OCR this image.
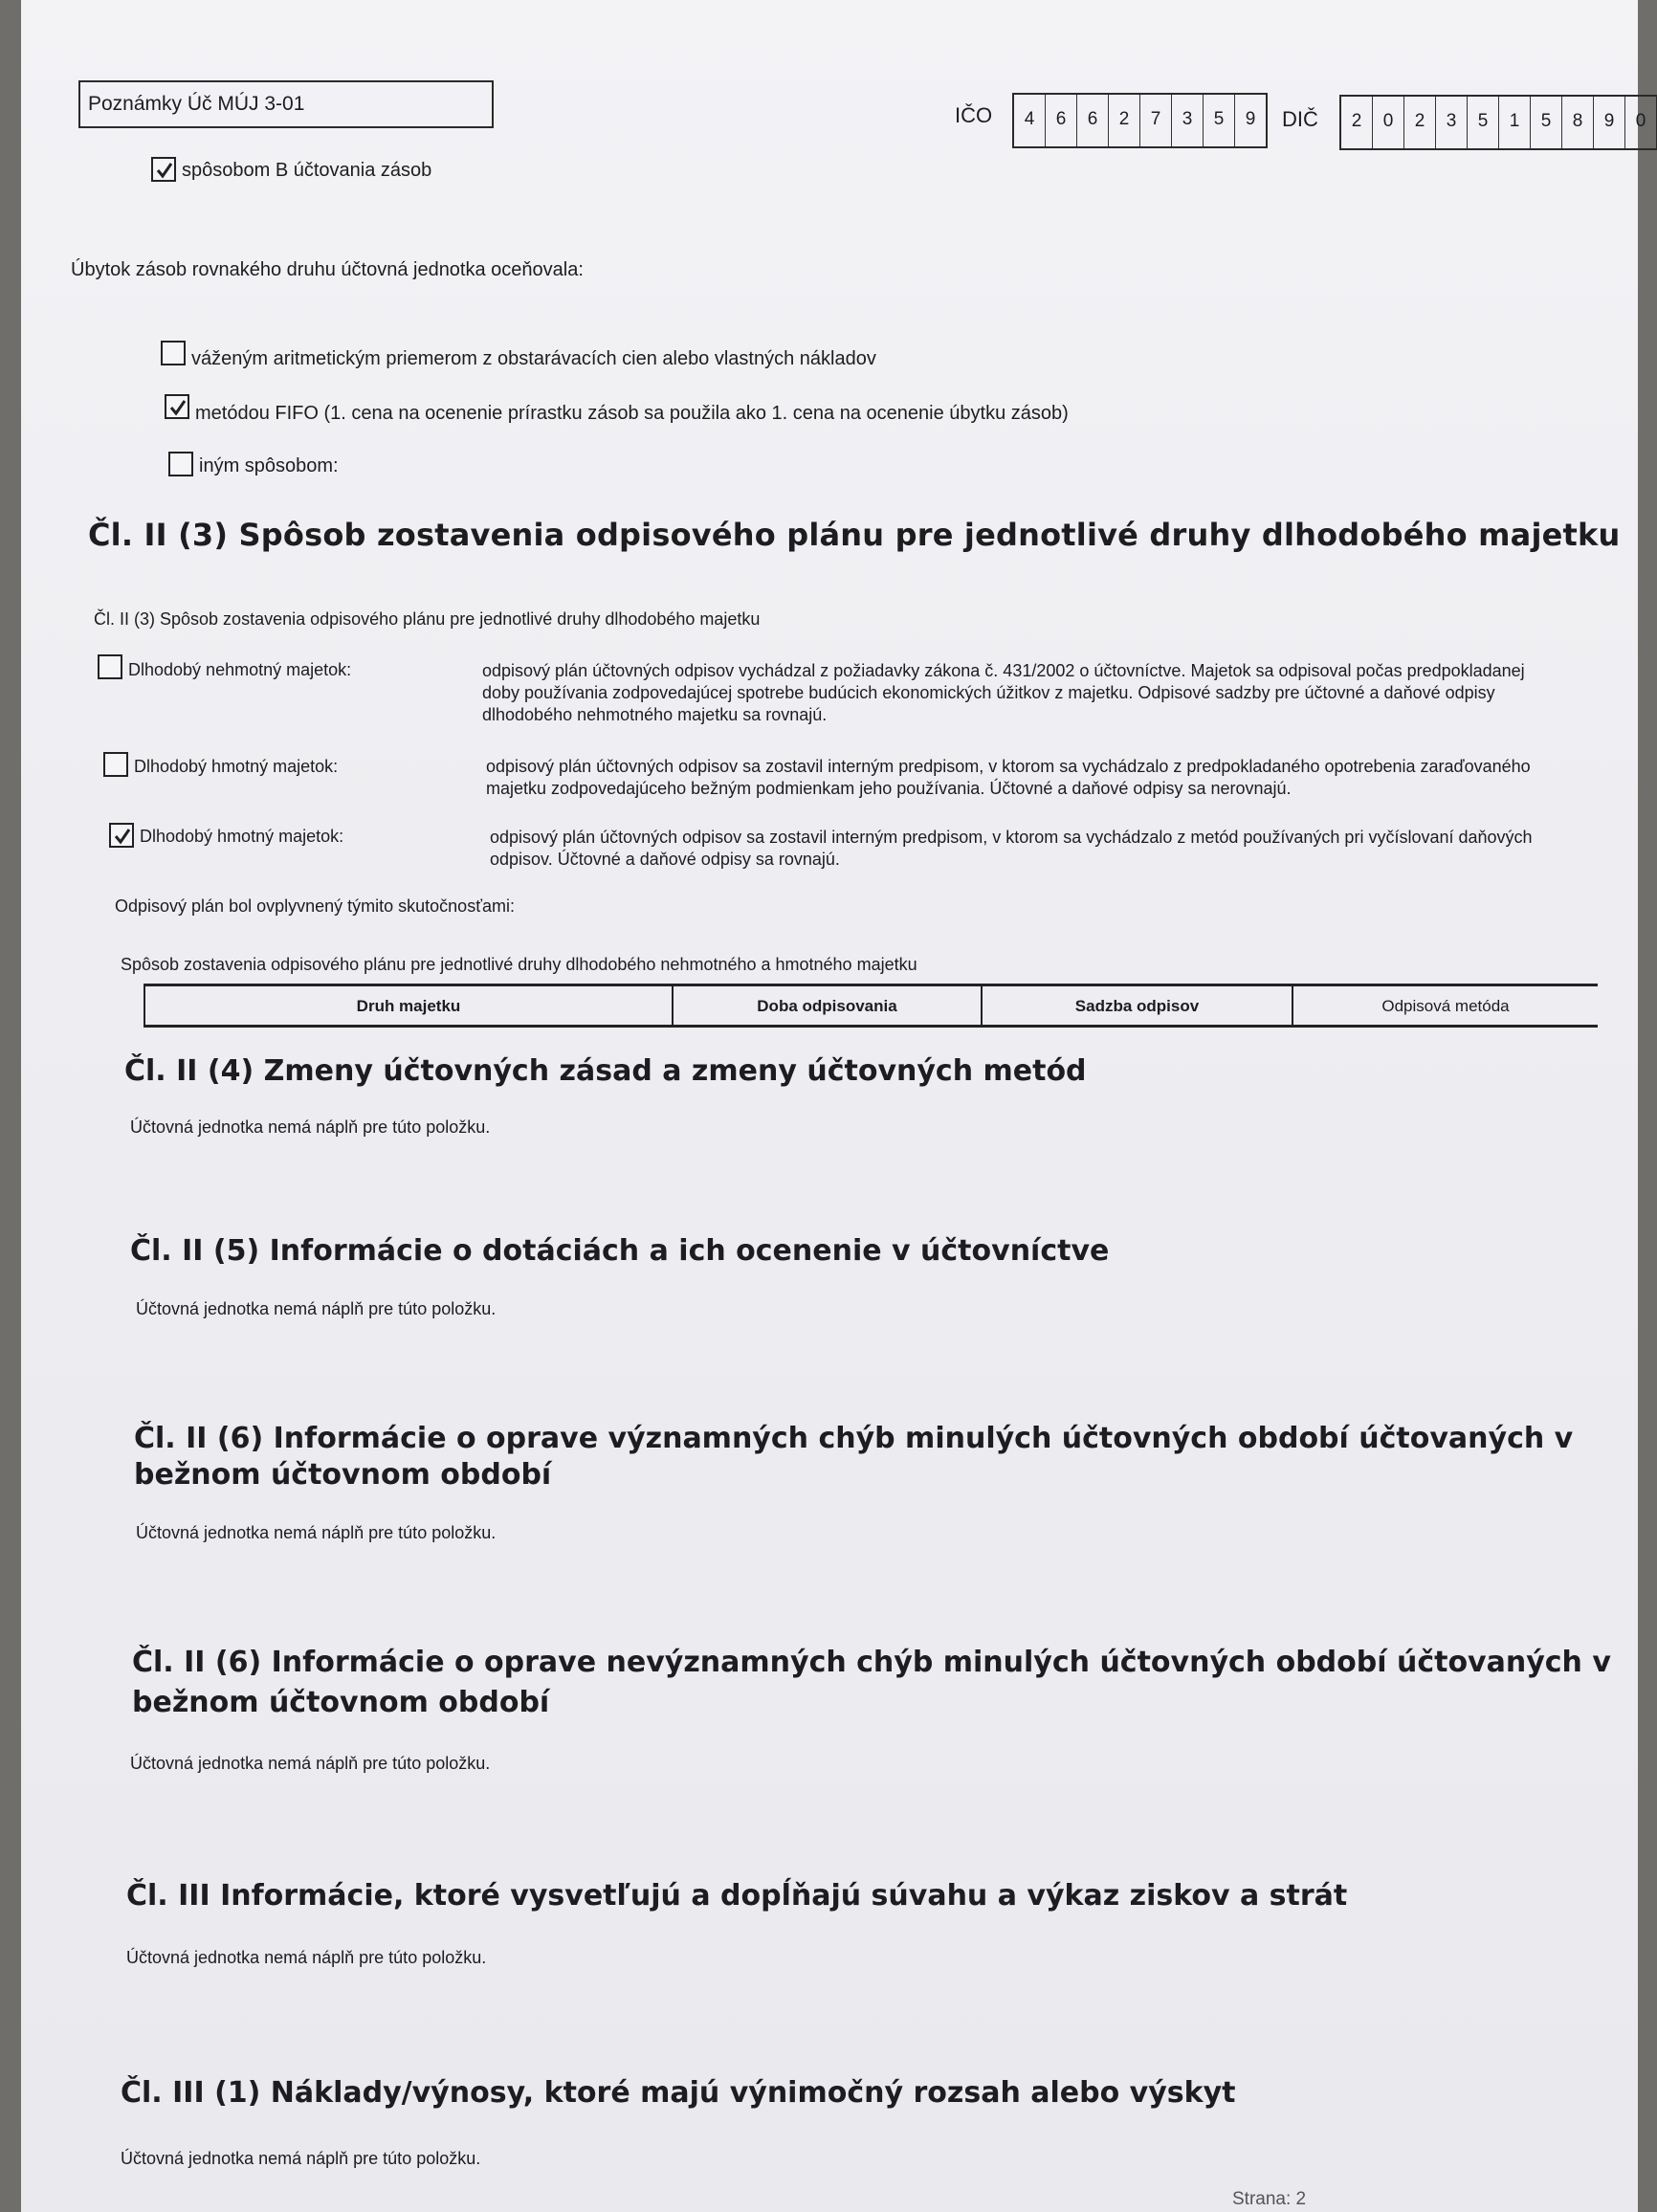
Poznámky Úč MÚJ 3-01	IČO	4	6	6	2	7	3	5	9	DIČ	2	0	2	3	5	1	5	8	9	0
spôsobom B účtovania zásob
Úbytok zásob rovnakého druhu účtovná jednotka oceňovala:
váženým aritmetickým priemerom z obstarávacích cien alebo vlastných nákladov
metódou FIFO (1. cena na ocenenie prírastku zásob sa použila ako 1. cena na ocenenie úbytku zásob)
iným spôsobom:
Čl. II (3) Spôsob zostavenia odpisového plánu pre jednotlivé druhy dlhodobého majetku
Čl. II (3) Spôsob zostavenia odpisového plánu pre jednotlivé druhy dlhodobého majetku
Dlhodobý nehmotný majetok:	odpisový plán účtovných odpisov vychádzal z požiadavky zákona č. 431/2002 o účtovníctve. Majetok sa odpisoval počas predpokladanej doby používania zodpovedajúcej spotrebe budúcich ekonomických úžitkov z majetku. Odpisové sadzby pre účtovné a daňové odpisy dlhodobého nehmotného majetku sa rovnajú.
Dlhodobý hmotný majetok:	odpisový plán účtovných odpisov sa zostavil interným predpisom, v ktorom sa vychádzalo z predpokladaného opotrebenia zaraďovaného majetku zodpovedajúceho bežným podmienkam jeho používania. Účtovné a daňové odpisy sa nerovnajú.
Dlhodobý hmotný majetok:	odpisový plán účtovných odpisov sa zostavil interným predpisom, v ktorom sa vychádzalo z metód používaných pri vyčíslovaní daňových odpisov. Účtovné a daňové odpisy sa rovnajú.
Odpisový plán bol ovplyvnený týmito skutočnosťami:
Spôsob zostavenia odpisového plánu pre jednotlivé druhy dlhodobého nehmotného a hmotného majetku
Druh majetku	Doba odpisovania	Sadzba odpisov	Odpisová metóda
Čl. II (4) Zmeny účtovných zásad a zmeny účtovných metód
Účtovná jednotka nemá náplň pre túto položku.
Čl. II (5) Informácie o dotáciách a ich ocenenie v účtovníctve
Účtovná jednotka nemá náplň pre túto položku.
Čl. II (6) Informácie o oprave významných chýb minulých účtovných období účtovaných v
bežnom účtovnom období
Účtovná jednotka nemá náplň pre túto položku.
Čl. II (6) Informácie o oprave nevýznamných chýb minulých účtovných období účtovaných v
bežnom účtovnom období
Účtovná jednotka nemá náplň pre túto položku.
Čl. III Informácie, ktoré vysvetľujú a dopĺňajú súvahu a výkaz ziskov a strát
Účtovná jednotka nemá náplň pre túto položku.
Čl. III (1) Náklady/výnosy, ktoré majú výnimočný rozsah alebo výskyt
Účtovná jednotka nemá náplň pre túto položku.
Strana: 2
